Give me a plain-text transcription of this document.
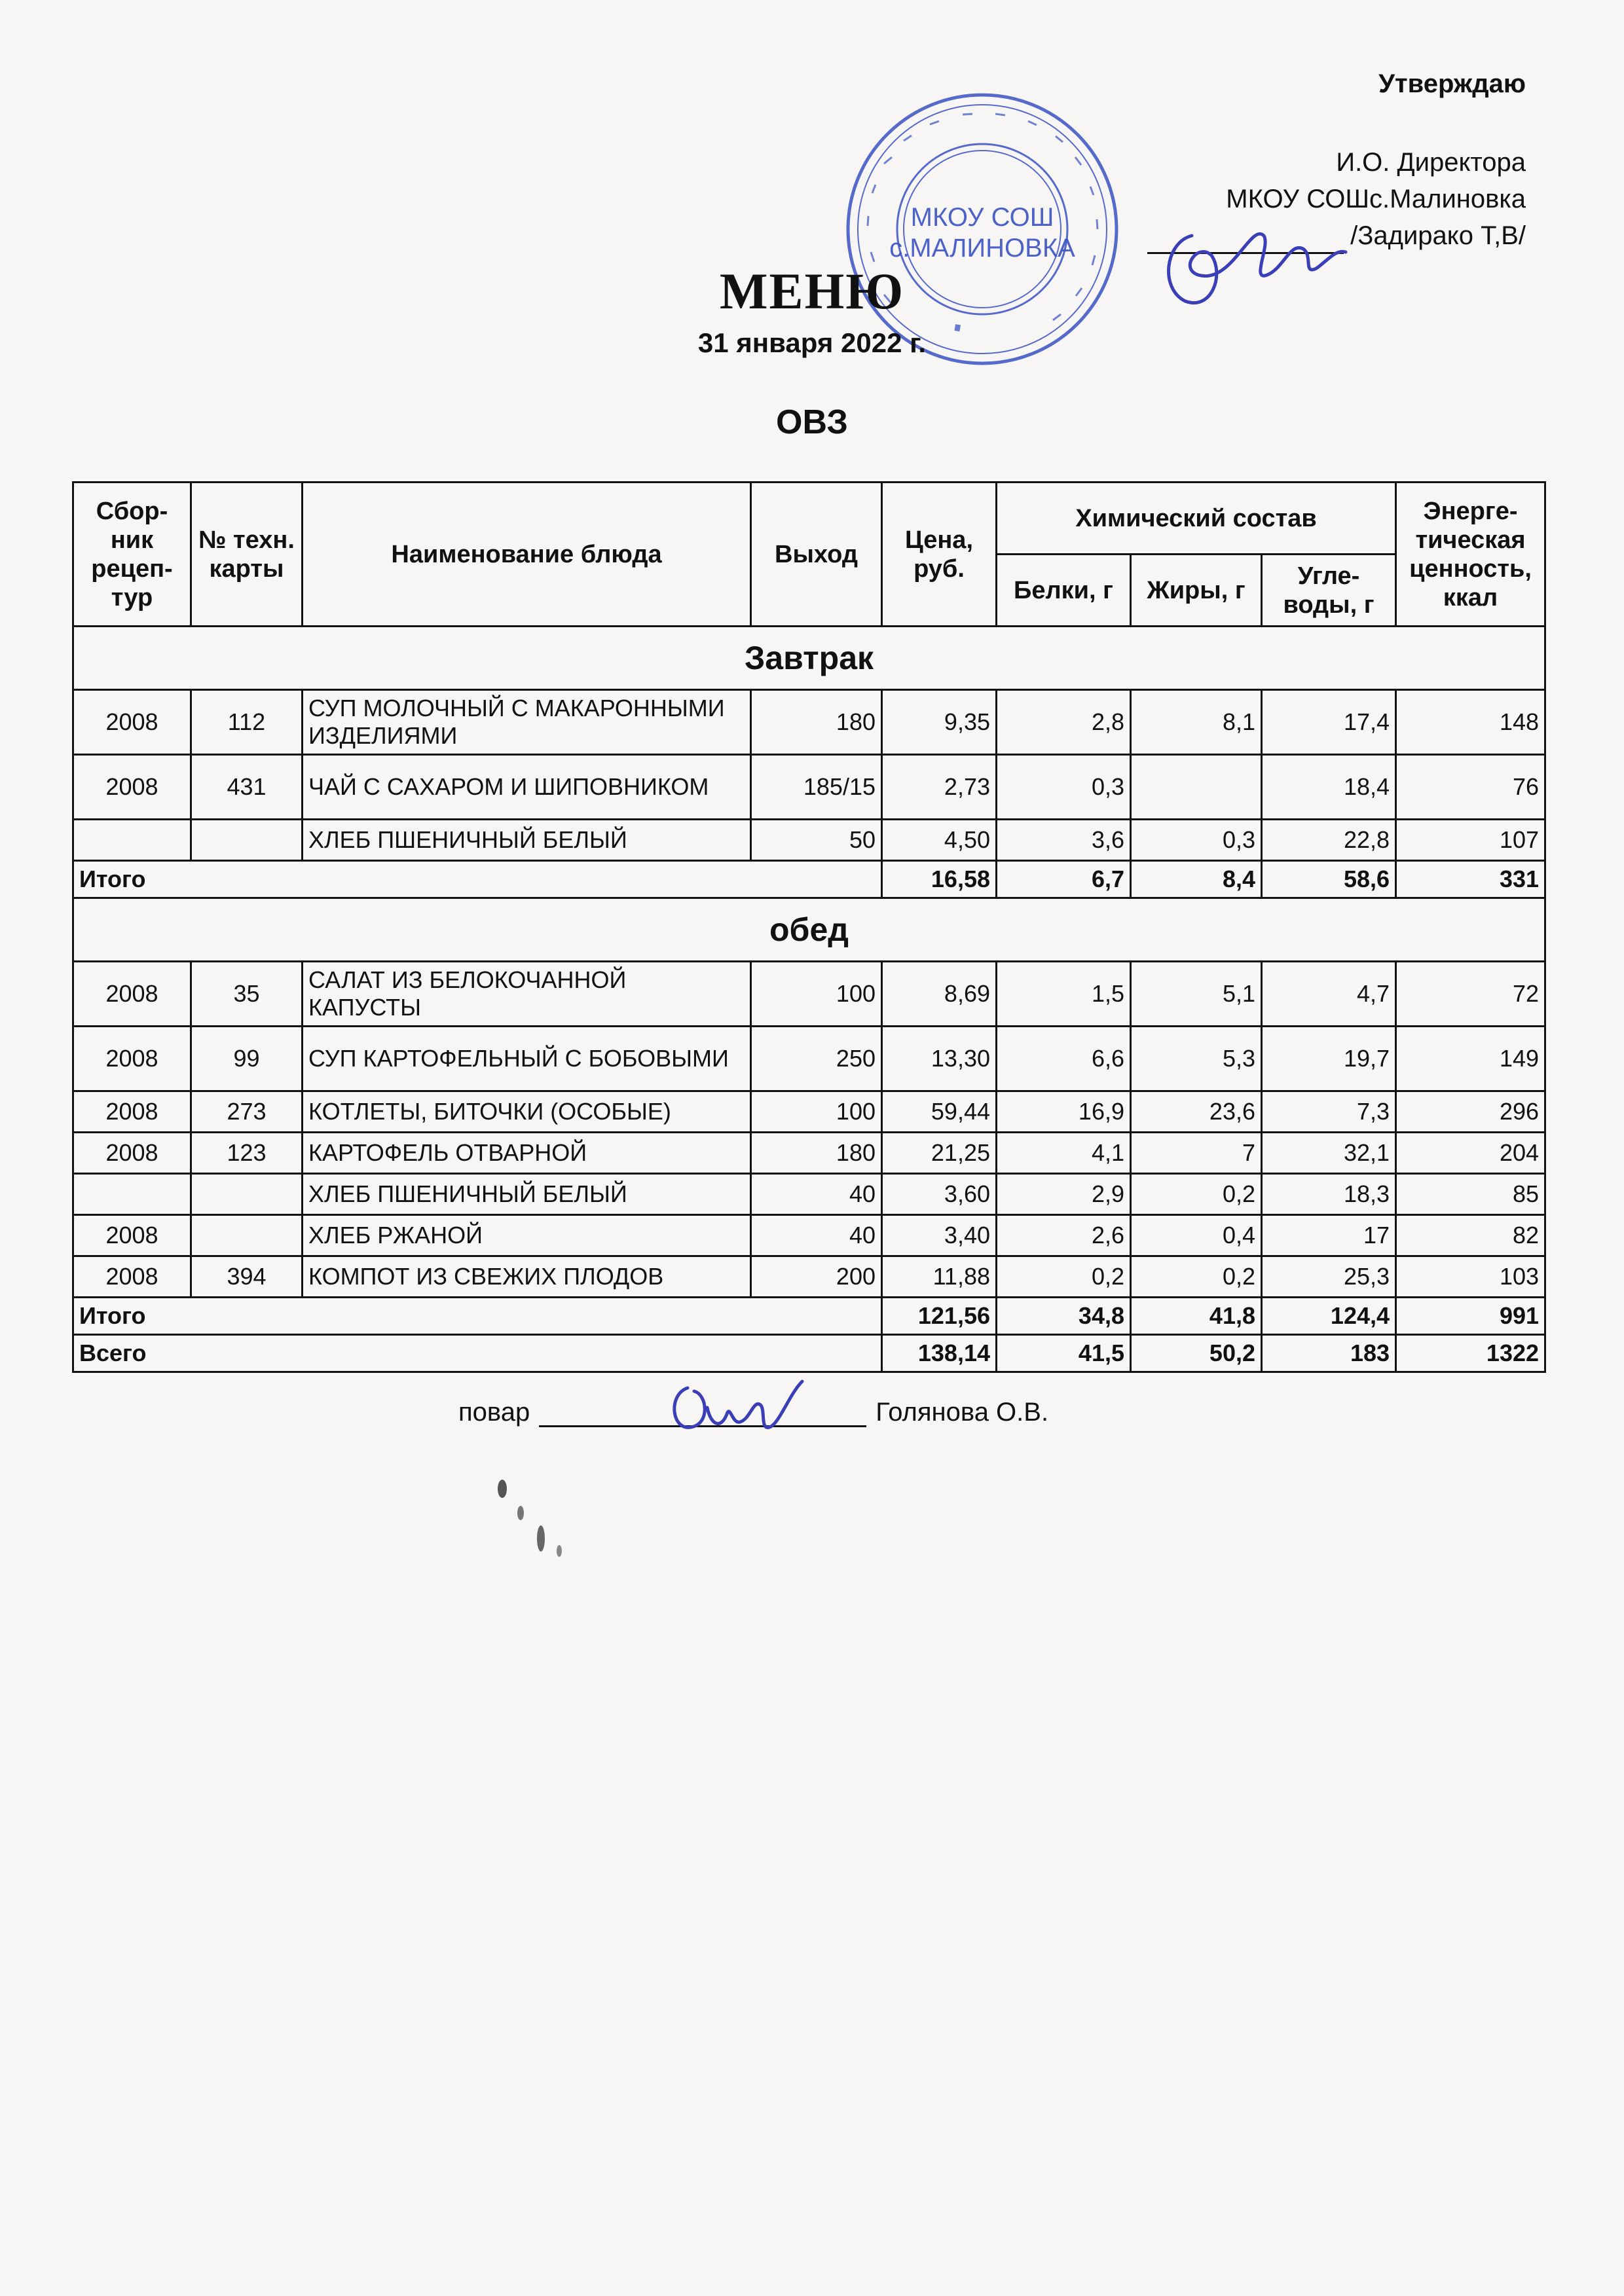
Утверждаю
И.О. Директора
МКОУ СОШс.Малиновка
/Задирако Т,В/
МКОУ СОШ
с.МАЛИНОВКА
МЕНЮ
31 января 2022 г.
ОВЗ
Сбор-ник рецеп-тур	№ техн. карты	Наименование блюда	Выход	Цена, руб.	Химический состав			Энерге-тическая ценность, ккал
					Белки, г	Жиры, г	Угле-воды, г	
Завтрак								
2008	112	СУП МОЛОЧНЫЙ С МАКАРОННЫМИ ИЗДЕЛИЯМИ	180	9,35	2,8	8,1	17,4	148
2008	431	ЧАЙ С САХАРОМ И ШИПОВНИКОМ	185/15	2,73	0,3		18,4	76
		ХЛЕБ ПШЕНИЧНЫЙ БЕЛЫЙ	50	4,50	3,6	0,3	22,8	107
Итого				16,58	6,7	8,4	58,6	331
обед								
2008	35	САЛАТ ИЗ БЕЛОКОЧАННОЙ КАПУСТЫ	100	8,69	1,5	5,1	4,7	72
2008	99	СУП КАРТОФЕЛЬНЫЙ С БОБОВЫМИ	250	13,30	6,6	5,3	19,7	149
2008	273	КОТЛЕТЫ, БИТОЧКИ (ОСОБЫЕ)	100	59,44	16,9	23,6	7,3	296
2008	123	КАРТОФЕЛЬ ОТВАРНОЙ	180	21,25	4,1	7	32,1	204
		ХЛЕБ ПШЕНИЧНЫЙ БЕЛЫЙ	40	3,60	2,9	0,2	18,3	85
2008		ХЛЕБ РЖАНОЙ	40	3,40	2,6	0,4	17	82
2008	394	КОМПОТ ИЗ СВЕЖИХ ПЛОДОВ	200	11,88	0,2	0,2	25,3	103
Итого				121,56	34,8	41,8	124,4	991
Всего				138,14	41,5	50,2	183	1322
повар	Голянова О.В.
